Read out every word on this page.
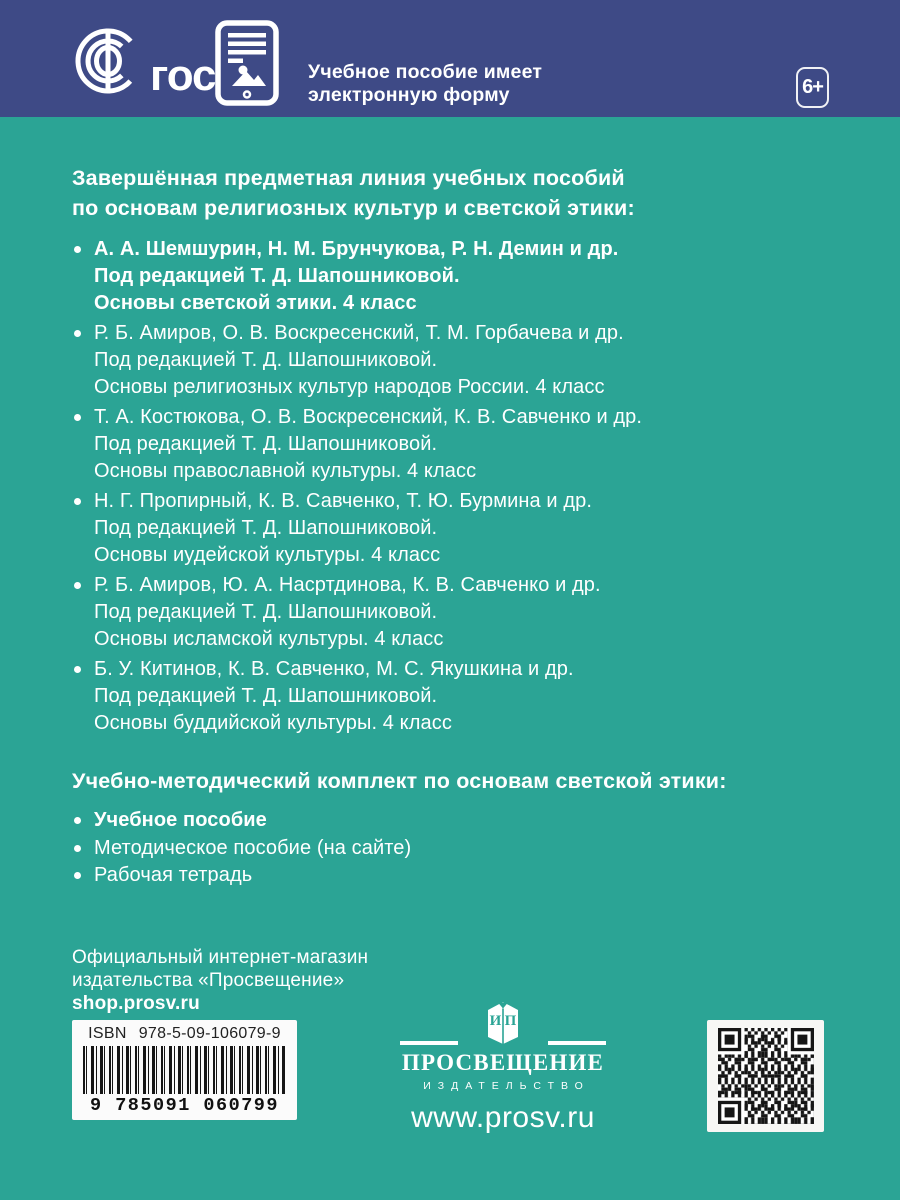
гос	Учебное пособие имеет
электронную форму	6+
Завершённая предметная линия учебных пособий
по основам религиозных культур и светской этики:
А. А. Шемшурин, Н. М. Брунчукова, Р. Н. Демин и др.
Под редакцией Т. Д. Шапошниковой.
Основы светской этики. 4 класс
Р. Б. Амиров, О. В. Воскресенский, Т. М. Горбачева и др.
Под редакцией Т. Д. Шапошниковой.
Основы религиозных культур народов России. 4 класс
Т. А. Костюкова, О. В. Воскресенский, К. В. Савченко и др.
Под редакцией Т. Д. Шапошниковой.
Основы православной культуры. 4 класс
Н. Г. Пропирный, К. В. Савченко, Т. Ю. Бурмина и др.
Под редакцией Т. Д. Шапошниковой.
Основы иудейской культуры. 4 класс
Р. Б. Амиров, Ю. А. Насртдинова, К. В. Савченко и др.
Под редакцией Т. Д. Шапошниковой.
Основы исламской культуры. 4 класс
Б. У. Китинов, К. В. Савченко, М. С. Якушкина и др.
Под редакцией Т. Д. Шапошниковой.
Основы буддийской культуры. 4 класс
Учебно-методический комплект по основам светской этики:
Учебное пособие
Методическое пособие (на сайте)
Рабочая тетрадь
Официальный интернет-магазин
издательства «Просвещение»
shop.prosv.ru
ISBN 978-5-09-106079-9
9 785091 060799
И П
ПРОСВЕЩЕНИЕ
ИЗДАТЕЛЬСТВО
www.prosv.ru
